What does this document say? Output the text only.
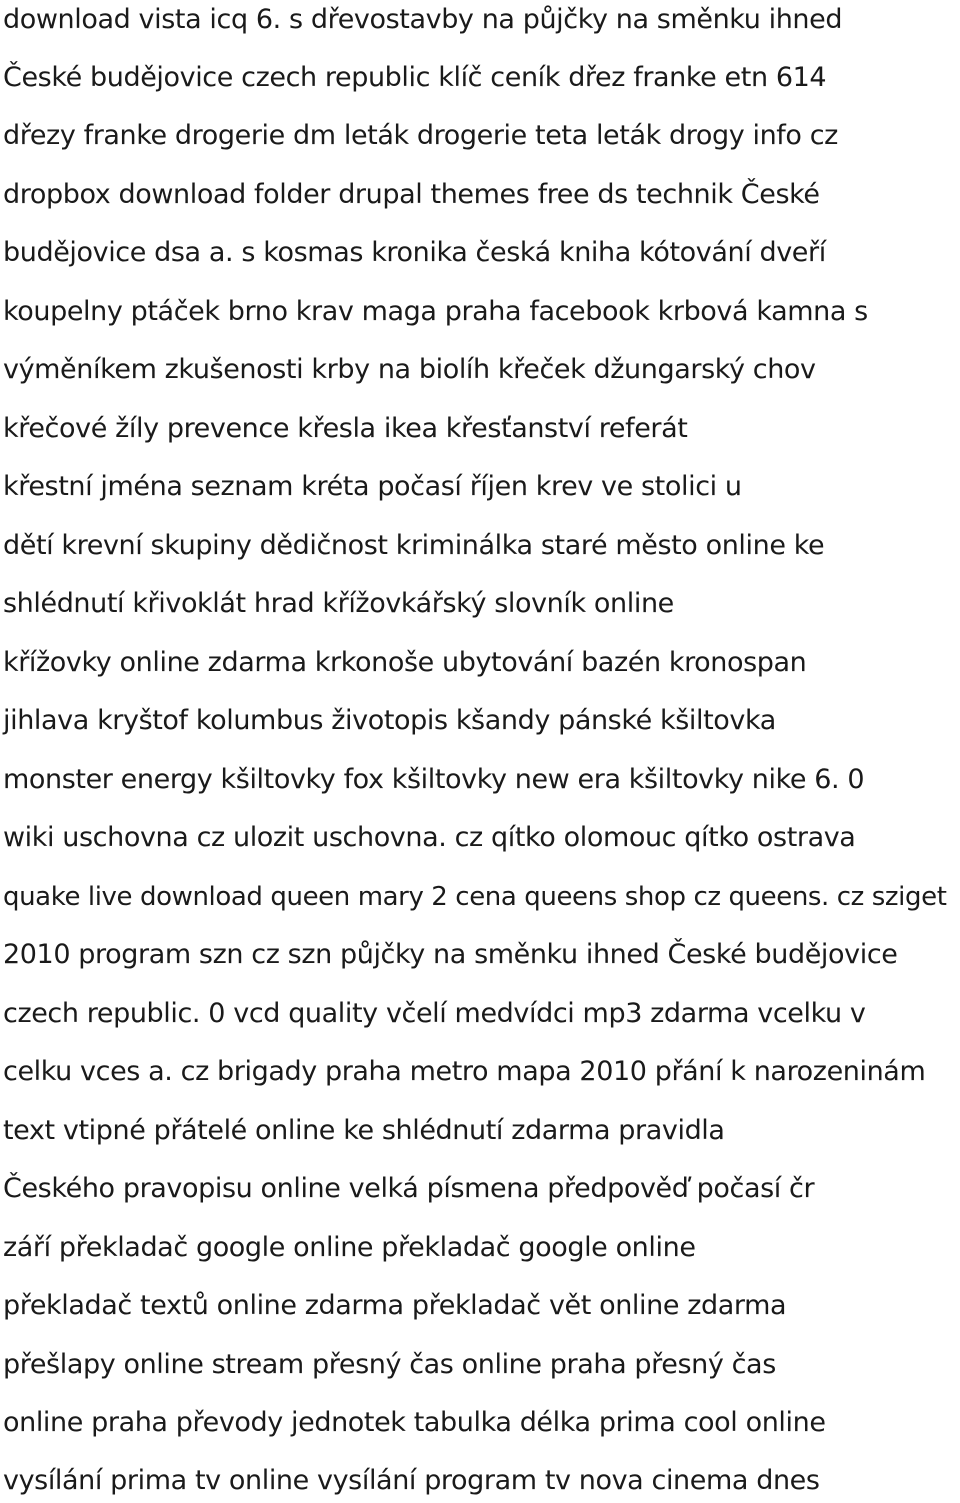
download vista icq 6. s dřevostavby na půjčky na směnku ihned
České budějovice czech republic klíč ceník dřez franke etn 614
dřezy franke drogerie dm leták drogerie teta leták drogy info cz
dropbox download folder drupal themes free ds technik České
budějovice dsa a. s kosmas kronika česká kniha kótování dveří
koupelny ptáček brno krav maga praha facebook krbová kamna s
výměníkem zkušenosti krby na biolíh křeček džungarský chov
křečové žíly prevence křesla ikea křesťanství referát
křestní jména seznam kréta počasí říjen krev ve stolici u
dětí krevní skupiny dědičnost kriminálka staré město online ke
shlédnutí křivoklát hrad křížovkářský slovník online
křížovky online zdarma krkonoše ubytování bazén kronospan
jihlava kryštof kolumbus životopis kšandy pánské kšiltovka
monster energy kšiltovky fox kšiltovky new era kšiltovky nike 6. 0
wiki uschovna cz ulozit uschovna. cz qítko olomouc qítko ostrava
quake live download queen mary 2 cena queens shop cz queens. cz sziget
2010 program szn cz szn půjčky na směnku ihned České budějovice
czech republic. 0 vcd quality včelí medvídci mp3 zdarma vcelku v
celku vces a. cz brigady praha metro mapa 2010 přání k narozeninám
text vtipné přátelé online ke shlédnutí zdarma pravidla
Českého pravopisu online velká písmena předpověď počasí čr
září překladač google online překladač google online
překladač textů online zdarma překladač vět online zdarma
přešlapy online stream přesný čas online praha přesný čas
online praha převody jednotek tabulka délka prima cool online
vysílání prima tv online vysílání program tv nova cinema dnes
